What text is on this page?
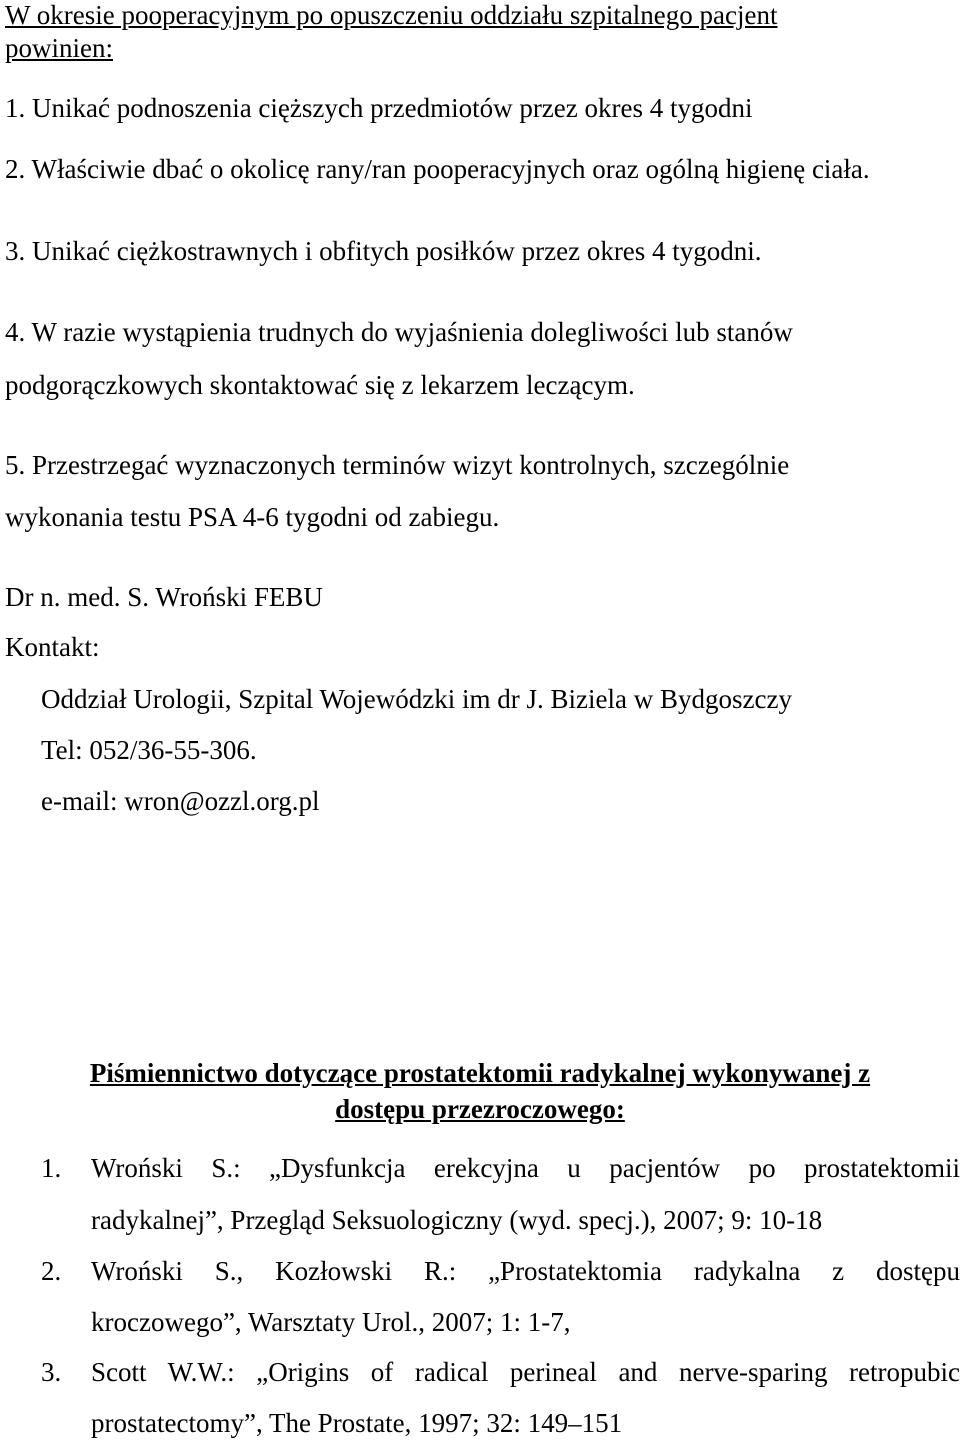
W okresie pooperacyjnym po opuszczeniu oddziału szpitalnego pacjent
powinien:
1. Unikać podnoszenia cięższych przedmiotów przez okres 4 tygodni
2. Właściwie dbać o okolicę rany/ran pooperacyjnych oraz ogólną higienę ciała.
3. Unikać ciężkostrawnych i obfitych posiłków przez okres 4 tygodni.
4. W razie wystąpienia trudnych do wyjaśnienia dolegliwości lub stanów
podgorączkowych skontaktować się z lekarzem leczącym.
5. Przestrzegać wyznaczonych terminów wizyt kontrolnych, szczególnie
wykonania testu PSA 4-6 tygodni od zabiegu.
Dr n. med. S. Wroński FEBU
Kontakt:
Oddział Urologii, Szpital Wojewódzki im dr J. Biziela w Bydgoszczy
Tel: 052/36-55-306.
e-mail: wron@ozzl.org.pl
Piśmiennictwo dotyczące prostatektomii radykalnej wykonywanej z
dostępu przezroczowego:
1. Wroński S.: „Dysfunkcja erekcyjna u pacjentów po prostatektomii
radykalnej”, Przegląd Seksuologiczny (wyd. specj.), 2007; 9: 10-18
2. Wroński S., Kozłowski R.: „Prostatektomia radykalna z dostępu
kroczowego”, Warsztaty Urol., 2007; 1: 1-7,
3. Scott W.W.: „Origins of radical perineal and nerve-sparing retropubic
prostatectomy”, The Prostate, 1997; 32: 149–151
